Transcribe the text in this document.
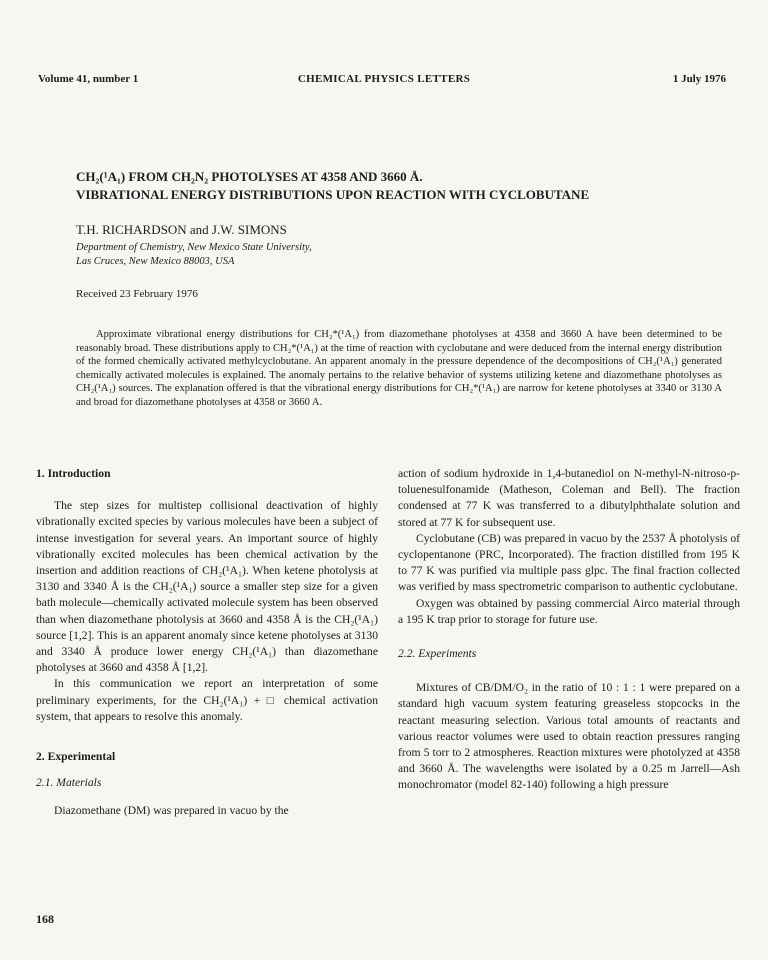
Volume 41, number 1	CHEMICAL PHYSICS LETTERS	1 July 1976
CH₂(¹A₁) FROM CH₂N₂ PHOTOLYSES AT 4358 AND 3660 Å.
VIBRATIONAL ENERGY DISTRIBUTIONS UPON REACTION WITH CYCLOBUTANE
T.H. RICHARDSON and J.W. SIMONS
Department of Chemistry, New Mexico State University,
Las Cruces, New Mexico 88003, USA
Received 23 February 1976

Approximate vibrational energy distributions for CH₂*(¹A₁) from diazomethane photolyses at 4358 and 3660 A have been determined to be reasonably broad. These distributions apply to CH₂*(¹A₁) at the time of reaction with cyclobutane and were deduced from the internal energy distribution of the formed chemically activated methylcyclobutane. An apparent anomaly in the pressure dependence of the decompositions of CH₂(¹A₁) generated chemically activated molecules is explained. The anomaly pertains to the relative behavior of systems utilizing ketene and diazomethane photolyses as CH₂(¹A₁) sources. The explanation offered is that the vibrational energy distributions for CH₂*(¹A₁) are narrow for ketene photolyses at 3340 or 3130 A and broad for diazomethane photolyses at 4358 or 3660 A.

1. Introduction

The step sizes for multistep collisional deactivation of highly vibrationally excited species by various molecules have been a subject of intense investigation for several years. An important source of highly vibrationally excited molecules has been chemical activation by the insertion and addition reactions of CH₂(¹A₁). When ketene photolysis at 3130 and 3340 Å is the CH₂(¹A₁) source a smaller step size for a given bath molecule—chemically activated molecule system has been observed than when diazomethane photolysis at 3660 and 4358 Å is the CH₂(¹A₁) source [1,2]. This is an apparent anomaly since ketene photolyses at 3130 and 3340 Å produce lower energy CH₂(¹A₁) than diazomethane photolyses at 3660 and 4358 Å [1,2].

In this communication we report an interpretation of some preliminary experiments, for the CH₂(¹A₁) + □ chemical activation system, that appears to resolve this anomaly.

2. Experimental

2.1. Materials

Diazomethane (DM) was prepared in vacuo by the

action of sodium hydroxide in 1,4-butanediol on N-methyl-N-nitroso-p-toluenesulfonamide (Matheson, Coleman and Bell). The fraction condensed at 77 K was transferred to a dibutylphthalate solution and stored at 77 K for subsequent use.

Cyclobutane (CB) was prepared in vacuo by the 2537 Å photolysis of cyclopentanone (PRC, Incorporated). The fraction distilled from 195 K to 77 K was purified via multiple pass glpc. The final fraction collected was verified by mass spectrometric comparison to authentic cyclobutane.

Oxygen was obtained by passing commercial Airco material through a 195 K trap prior to storage for future use.

2.2. Experiments

Mixtures of CB/DM/O₂ in the ratio of 10 : 1 : 1 were prepared on a standard high vacuum system featuring greaseless stopcocks in the reactant measuring selection. Various total amounts of reactants and various reactor volumes were used to obtain reaction pressures ranging from 5 torr to 2 atmospheres. Reaction mixtures were photolyzed at 4358 and 3660 Å. The wavelengths were isolated by a 0.25 m Jarrell—Ash monochromator (model 82-140) following a high pressure

168
